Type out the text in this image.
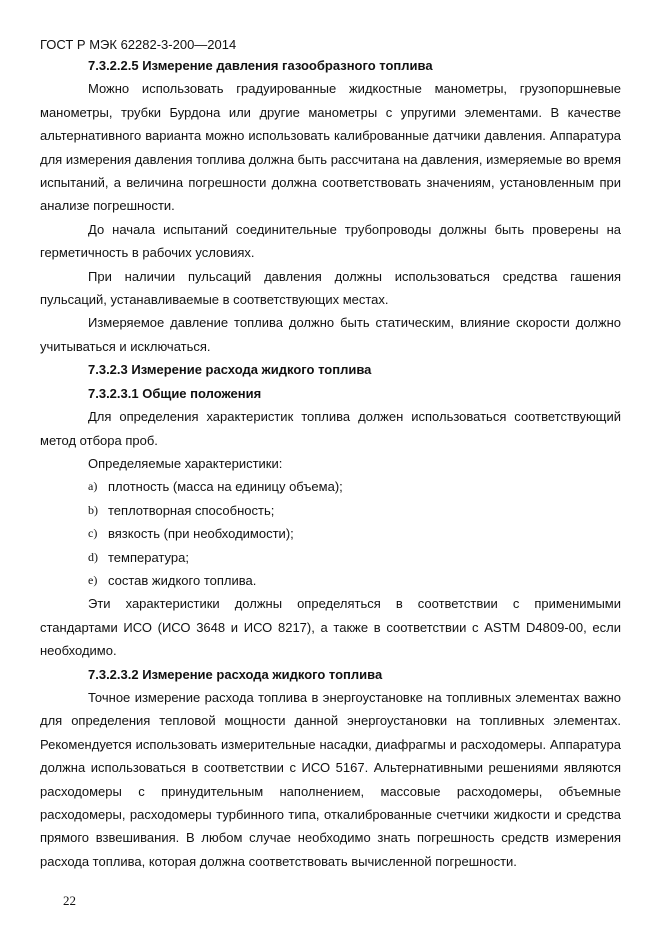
ГОСТ Р МЭК 62282-3-200—2014

7.3.2.2.5 Измерение давления газообразного топлива

Можно использовать градуированные жидкостные манометры, грузопоршневые манометры, трубки Бурдона или другие манометры с упругими элементами. В качестве альтернативного варианта можно использовать калиброванные датчики давления. Аппаратура для измерения давления топлива должна быть рассчитана на давления, измеряемые во время испытаний, а величина погрешности должна соответствовать значениям, установленным при анализе погрешности.

До начала испытаний соединительные трубопроводы должны быть проверены на герметичность в рабочих условиях.

При наличии пульсаций давления должны использоваться средства гашения пульсаций, устанавливаемые в соответствующих местах.

Измеряемое давление топлива должно быть статическим, влияние скорости должно учитываться и исключаться.

7.3.2.3 Измерение расхода жидкого топлива

7.3.2.3.1 Общие положения

Для определения характеристик топлива должен использоваться соответствующий метод отбора проб.

Определяемые характеристики:

a) плотность (масса на единицу объема);
b) теплотворная способность;
c) вязкость (при необходимости);
d) температура;
e) состав жидкого топлива.

Эти характеристики должны определяться в соответствии с применимыми стандартами ИСО (ИСО 3648 и ИСО 8217), а также в соответствии с ASTM D4809-00, если необходимо.

7.3.2.3.2 Измерение расхода жидкого топлива

Точное измерение расхода топлива в энергоустановке на топливных элементах важно для определения тепловой мощности данной энергоустановки на топливных элементах. Рекомендуется использовать измерительные насадки, диафрагмы и расходомеры. Аппаратура должна использоваться в соответствии с ИСО 5167. Альтернативными решениями являются расходомеры с принудительным наполнением, массовые расходомеры, объемные расходомеры, расходомеры турбинного типа, откалиброванные счетчики жидкости и средства прямого взвешивания. В любом случае необходимо знать погрешность средств измерения расхода топлива, которая должна соответствовать вычисленной погрешности.

22
